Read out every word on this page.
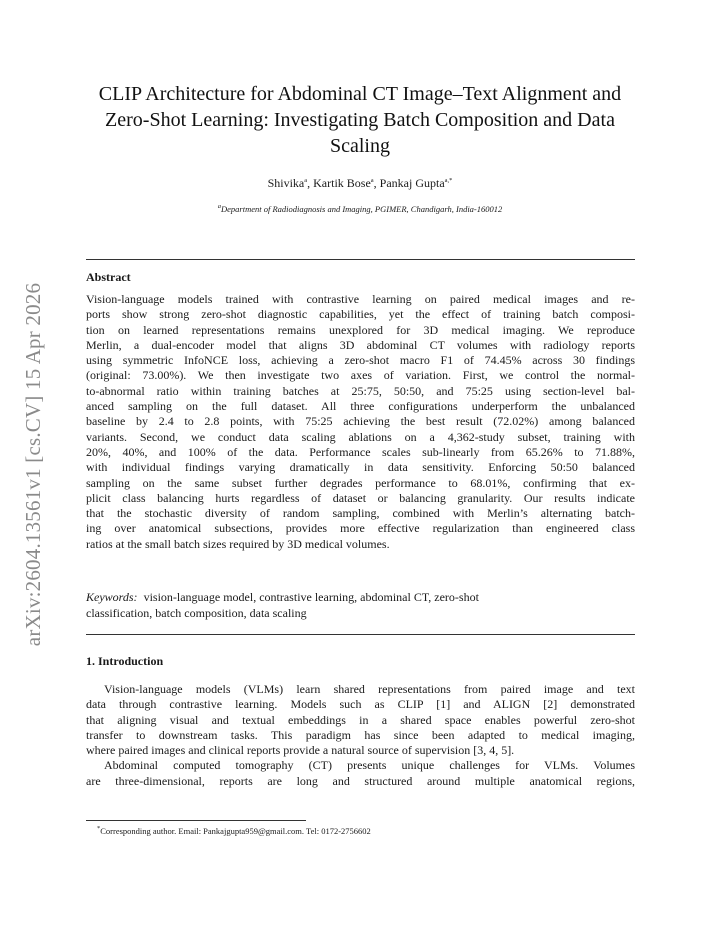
arXiv:2604.13561v1 [cs.CV] 15 Apr 2026
CLIP Architecture for Abdominal CT Image–Text Alignment and
Zero-Shot Learning: Investigating Batch Composition and Data
Scaling
Shivika$^a$, Kartik Bose$^a$, Pankaj Gupta$^{a,*}$
$^a$Department of Radiodiagnosis and Imaging, PGIMER, Chandigarh, India-160012
Abstract
Vision-language models trained with contrastive learning on paired medical images and re-
ports show strong zero-shot diagnostic capabilities, yet the effect of training batch composi-
tion on learned representations remains unexplored for 3D medical imaging. We reproduce
Merlin, a dual-encoder model that aligns 3D abdominal CT volumes with radiology reports
using symmetric InfoNCE loss, achieving a zero-shot macro F1 of 74.45% across 30 findings
(original: 73.00%). We then investigate two axes of variation. First, we control the normal-
to-abnormal ratio within training batches at 25:75, 50:50, and 75:25 using section-level bal-
anced sampling on the full dataset. All three configurations underperform the unbalanced
baseline by 2.4 to 2.8 points, with 75:25 achieving the best result (72.02%) among balanced
variants. Second, we conduct data scaling ablations on a 4,362-study subset, training with
20%, 40%, and 100% of the data. Performance scales sub-linearly from 65.26% to 71.88%,
with individual findings varying dramatically in data sensitivity. Enforcing 50:50 balanced
sampling on the same subset further degrades performance to 68.01%, confirming that ex-
plicit class balancing hurts regardless of dataset or balancing granularity. Our results indicate
that the stochastic diversity of random sampling, combined with Merlin’s alternating batch-
ing over anatomical subsections, provides more effective regularization than engineered class
ratios at the small batch sizes required by 3D medical volumes.
Keywords: vision-language model, contrastive learning, abdominal CT, zero-shot
classification, batch composition, data scaling
1. Introduction
Vision-language models (VLMs) learn shared representations from paired image and text
data through contrastive learning. Models such as CLIP [1] and ALIGN [2] demonstrated
that aligning visual and textual embeddings in a shared space enables powerful zero-shot
transfer to downstream tasks. This paradigm has since been adapted to medical imaging,
where paired images and clinical reports provide a natural source of supervision [3, 4, 5].
Abdominal computed tomography (CT) presents unique challenges for VLMs. Volumes
are three-dimensional, reports are long and structured around multiple anatomical regions,
*Corresponding author. Email: Pankajgupta959@gmail.com. Tel: 0172-2756602
